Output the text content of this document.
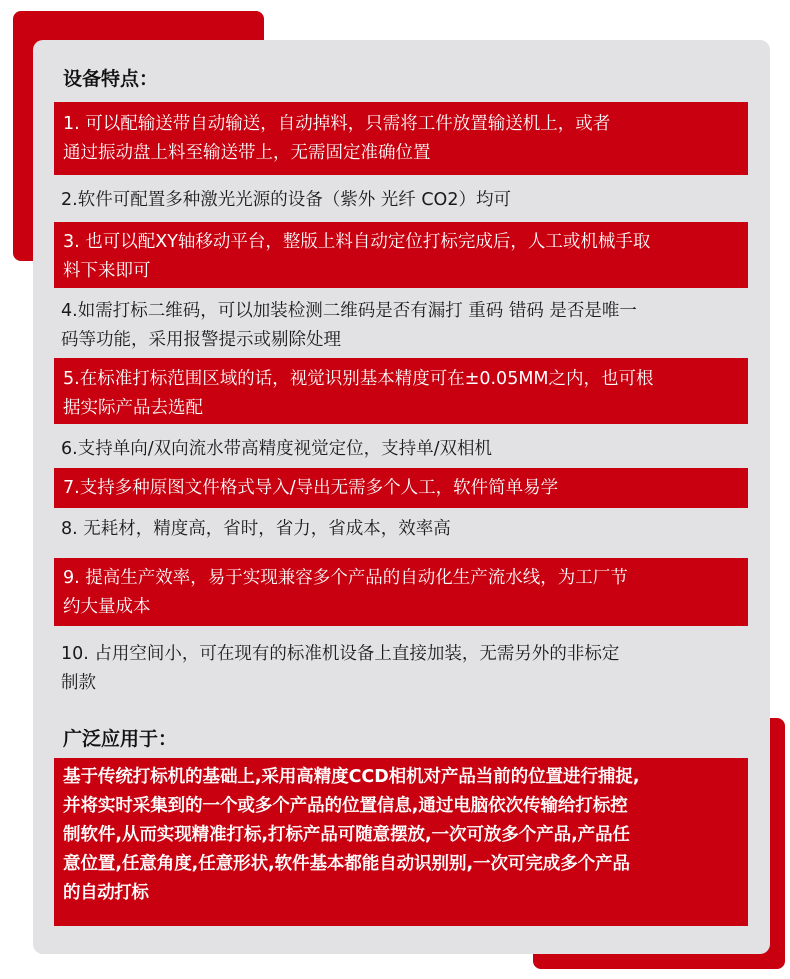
设备特点：
1. 可以配输送带自动输送，自动掉料，只需将工件放置输送机上，或者
通过振动盘上料至输送带上，无需固定准确位置
2.软件可配置多种激光光源的设备（紫外 光纤 CO2）均可
3. 也可以配XY轴移动平台，整版上料自动定位打标完成后，人工或机械手取
料下来即可
4.如需打标二维码，可以加装检测二维码是否有漏打 重码 错码 是否是唯一
码等功能，采用报警提示或剔除处理
5.在标准打标范围区域的话，视觉识别基本精度可在±0.05MM之内，也可根
据实际产品去选配
6.支持单向/双向流水带高精度视觉定位，支持单/双相机
7.支持多种原图文件格式导入/导出无需多个人工，软件简单易学
8. 无耗材，精度高，省时，省力，省成本，效率高
9. 提高生产效率，易于实现兼容多个产品的自动化生产流水线，为工厂节
约大量成本
10. 占用空间小，可在现有的标准机设备上直接加装，无需另外的非标定
制款
广泛应用于：
基于传统打标机的基础上,采用高精度CCD相机对产品当前的位置进行捕捉,
并将实时采集到的一个或多个产品的位置信息,通过电脑依次传输给打标控
制软件,从而实现精准打标,打标产品可随意摆放,一次可放多个产品,产品任
意位置,任意角度,任意形状,软件基本都能自动识别别,一次可完成多个产品
的自动打标
